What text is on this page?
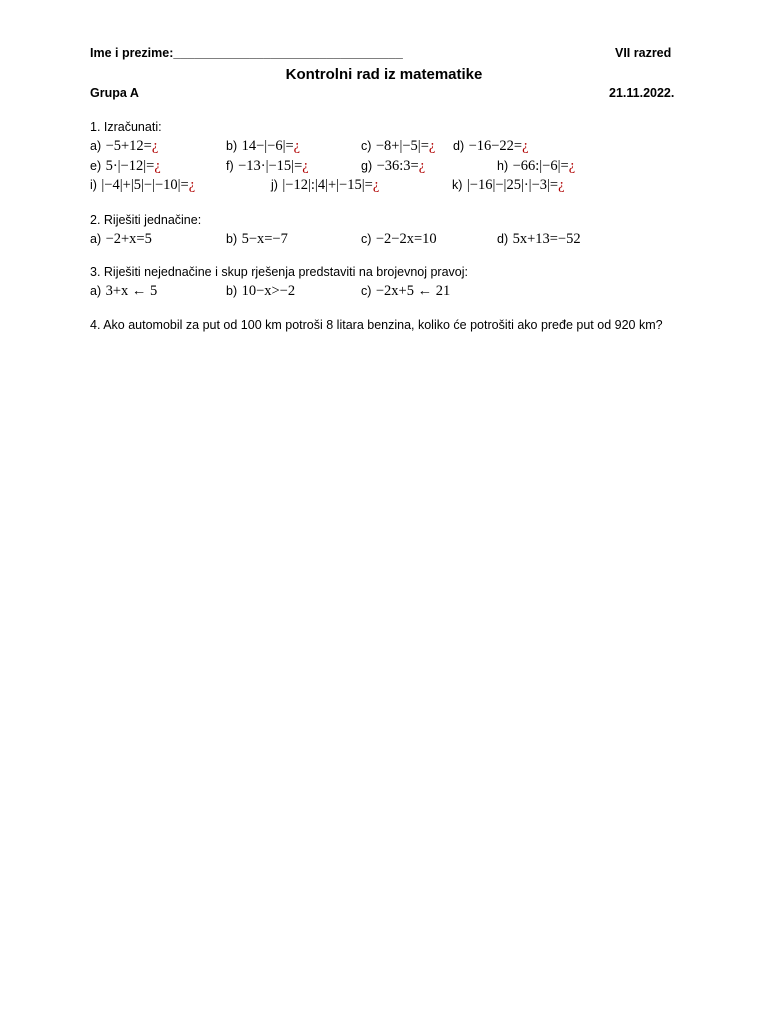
Ime i prezime:_________________________________	VII razred
Kontrolni rad iz matematike
Grupa A	21.11.2022.
1. Izračunati:
a) −5+12=¿	b) 14−|−6|=¿	c) −8+|−5|=¿ d) −16−22=¿
e) 5·|−12|=¿	f) −13·|−15|=¿	g) −36:3=¿	h) −66:|−6|=¿
i) |−4|+|5|−|−10|=¿	j) |−12|:|4|+|−15|=¿	k) |−16|−|25|·|−3|=¿
2. Riješiti jednačine:
a) −2+x=5	b) 5−x=−7	c) −2−2x=10	d) 5x+13=−52
3. Riješiti nejednačine i skup rješenja predstaviti na brojevnoj pravoj:
a) 3+x ← 5	b) 10−x>−2	c) −2x+5 ← 21
4. Ako automobil za put od 100 km potroši 8 litara benzina, koliko će potrošiti ako pređe put od 920 km?
